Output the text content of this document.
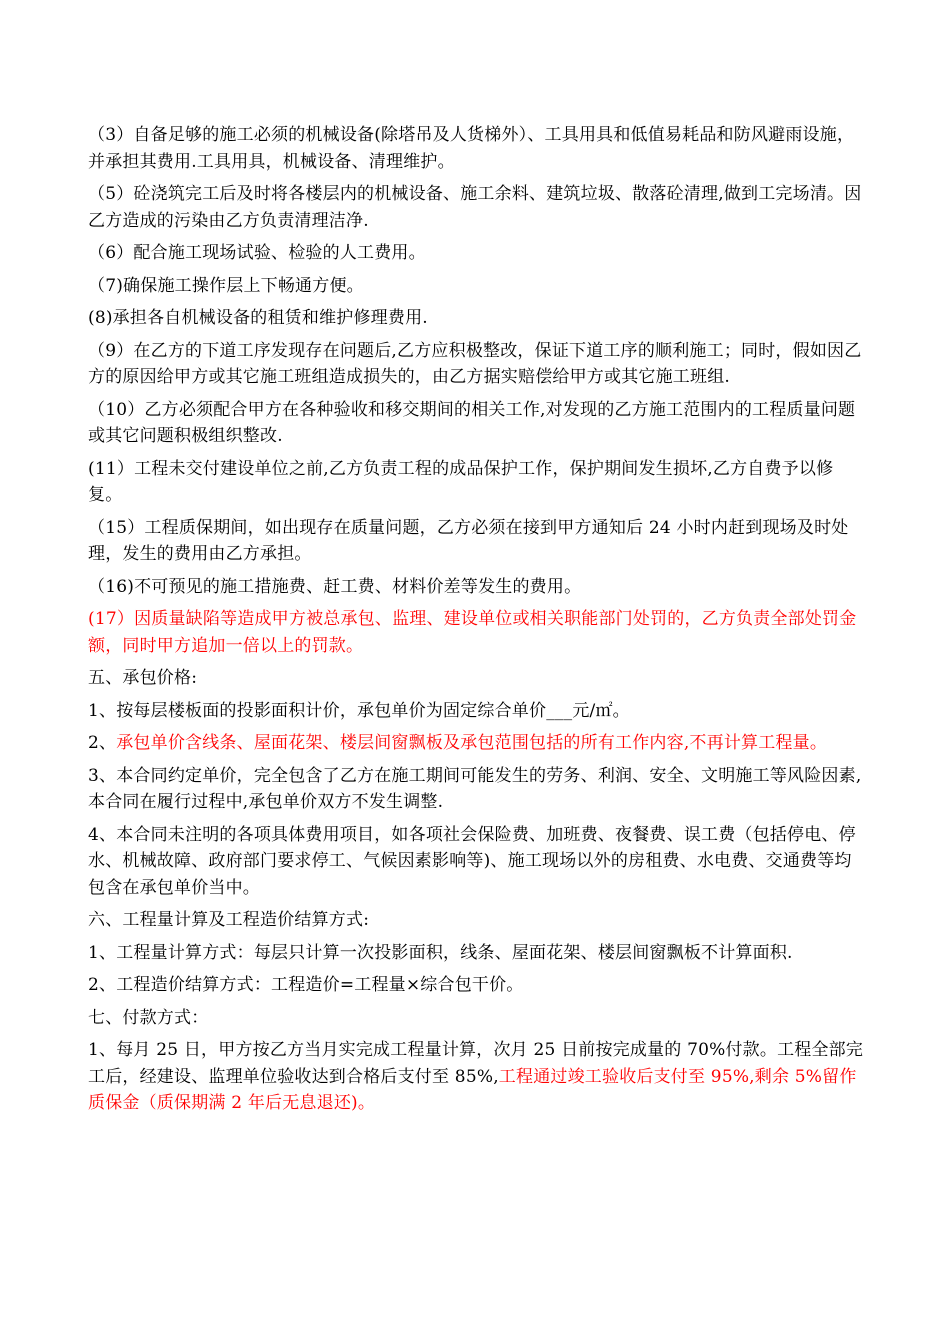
（3）自备足够的施工必须的机械设备(除塔吊及人货梯外）、工具用具和低值易耗品和防风避雨设施，并承担其费用.工具用具，机械设备、清理维护。

（5）砼浇筑完工后及时将各楼层内的机械设备、施工余料、建筑垃圾、散落砼清理,做到工完场清。因乙方造成的污染由乙方负责清理洁净.

（6）配合施工现场试验、检验的人工费用。

（7)确保施工操作层上下畅通方便。

(8)承担各自机械设备的租赁和维护修理费用.

（9）在乙方的下道工序发现存在问题后,乙方应积极整改，保证下道工序的顺利施工；同时，假如因乙方的原因给甲方或其它施工班组造成损失的，由乙方据实赔偿给甲方或其它施工班组.

（10）乙方必须配合甲方在各种验收和移交期间的相关工作,对发现的乙方施工范围内的工程质量问题或其它问题积极组织整改.

(11）工程未交付建设单位之前,乙方负责工程的成品保护工作，保护期间发生损坏,乙方自费予以修复。

（15）工程质保期间，如出现存在质量问题，乙方必须在接到甲方通知后 24 小时内赶到现场及时处理，发生的费用由乙方承担。

（16)不可预见的施工措施费、赶工费、材料价差等发生的费用。

(17）因质量缺陷等造成甲方被总承包、监理、建设单位或相关职能部门处罚的，乙方负责全部处罚金额，同时甲方追加一倍以上的罚款。

五、承包价格:

1、按每层楼板面的投影面积计价，承包单价为固定综合单价___元/㎡。

2、承包单价含线条、屋面花架、楼层间窗飘板及承包范围包括的所有工作内容,不再计算工程量。

3、本合同约定单价，完全包含了乙方在施工期间可能发生的劳务、利润、安全、文明施工等风险因素,本合同在履行过程中,承包单价双方不发生调整.

4、本合同未注明的各项具体费用项目，如各项社会保险费、加班费、夜餐费、误工费（包括停电、停水、机械故障、政府部门要求停工、气候因素影响等)、施工现场以外的房租费、水电费、交通费等均包含在承包单价当中。

六、工程量计算及工程造价结算方式:

1、工程量计算方式：每层只计算一次投影面积，线条、屋面花架、楼层间窗飘板不计算面积.

2、工程造价结算方式：工程造价=工程量×综合包干价。

七、付款方式：

1、每月 25 日，甲方按乙方当月实完成工程量计算，次月 25 日前按完成量的 70%付款。工程全部完工后，经建设、监理单位验收达到合格后支付至 85%,工程通过竣工验收后支付至 95%,剩余 5%留作质保金（质保期满 2 年后无息退还)。
